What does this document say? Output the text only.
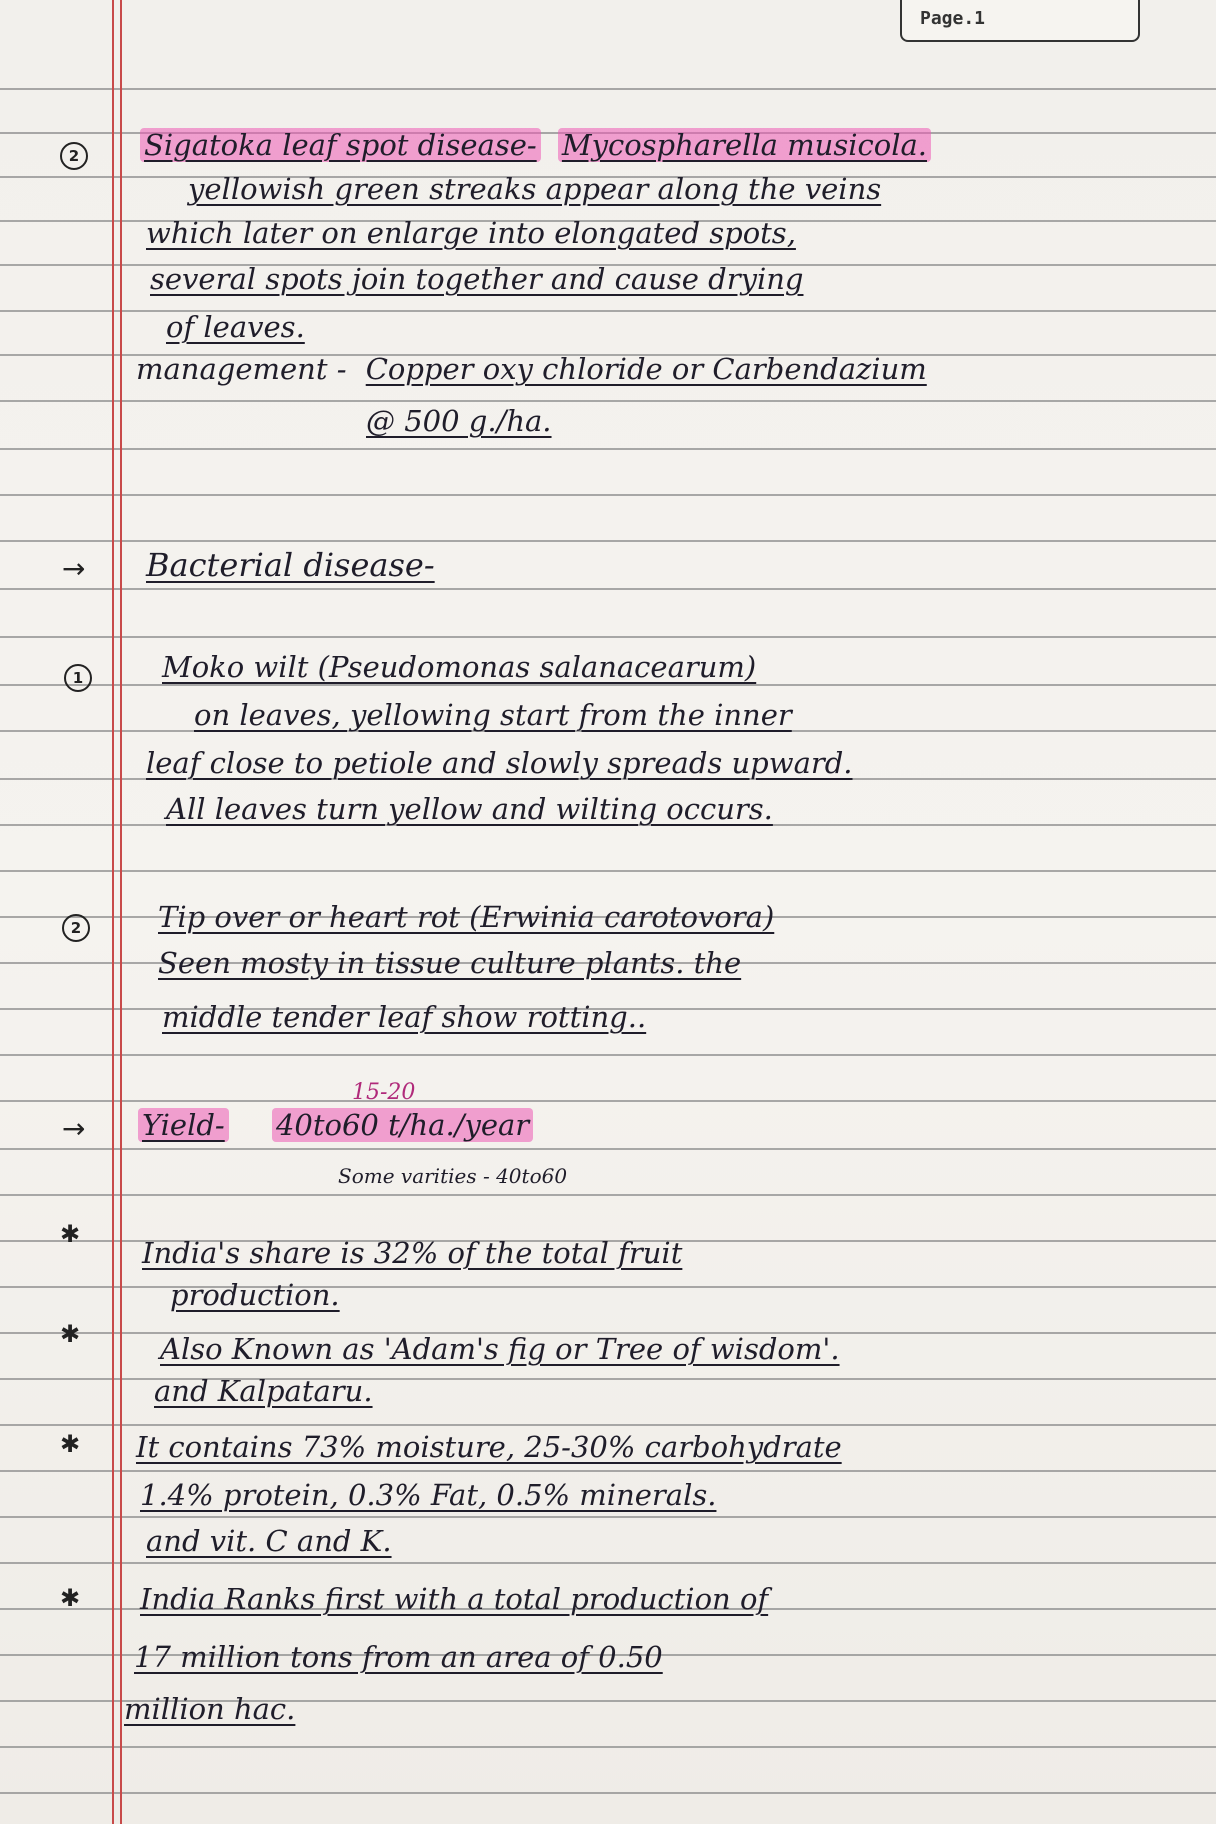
Page.1
2	Sigatoka leaf spot disease- Mycospharella musicola.
yellowish green streaks appear along the veins
which later on enlarge into elongated spots,
several spots join together and cause drying
of leaves.
management - Copper oxy chloride or Carbendazium
@ 500 g./ha.
→ Bacterial disease-
1	Moko wilt (Pseudomonas salanacearum)
on leaves, yellowing start from the inner
leaf close to petiole and slowly spreads upward.
All leaves turn yellow and wilting occurs.
2	Tip over or heart rot (Erwinia carotovora)
Seen mosty in tissue culture plants. the
middle tender leaf show rotting..
15-20
→ Yield- 40to60 t/ha./year
Some varities - 40to60
✱
India's share is 32% of the total fruit
production.
✱	Also Known as 'Adam's fig or Tree of wisdom'.
and Kalpataru.
✱ It contains 73% moisture, 25-30% carbohydrate
1.4% protein, 0.3% Fat, 0.5% minerals.
and vit. C and K.
✱ India Ranks first with a total production of
17 million tons from an area of 0.50
million hac.
